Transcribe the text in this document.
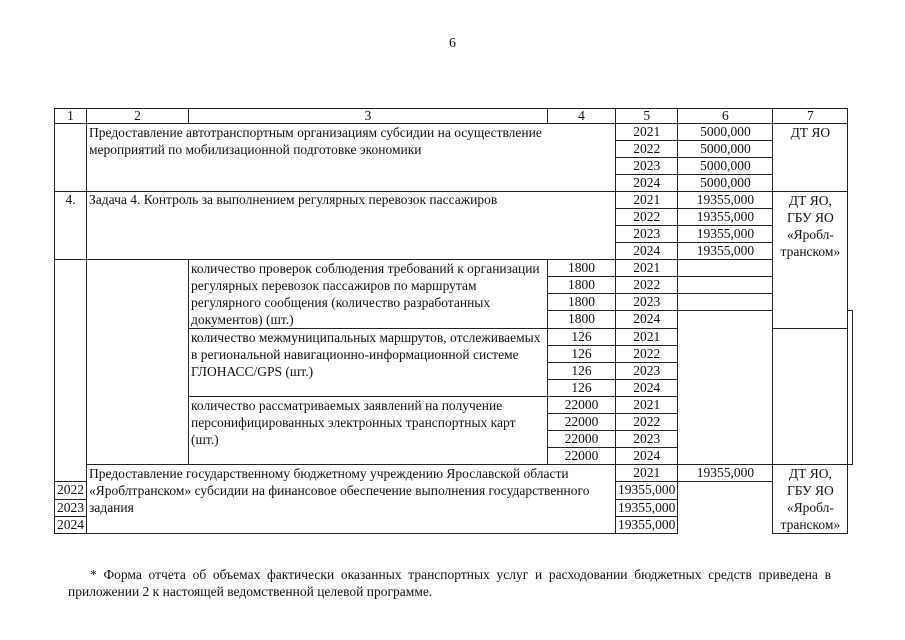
6
1	2	3	4	5	6	7	
	Предоставление автотранспортным организациям субсидии на осуществление мероприятий по мобилизационной подготовке экономики			2021	5000,000	ДТ ЯО	
				2022	5000,000		
				2023	5000,000		
				2024	5000,000		
4.	Задача 4. Контроль за выполнением регулярных перевозок пассажиров			2021	19355,000	ДТ ЯО, ГБУ ЯО «Яробл-транском»	
				2022	19355,000		
				2023	19355,000		
				2024	19355,000		
		количество проверок соблюдения требований к организации регулярных перевозок пассажиров по маршрутам регулярного сообщения (количество разработанных документов) (шт.)	1800	2021			
			1800	2022			
			1800	2023			
			1800	2024			
		количество межмуниципальных маршрутов, отслеживаемых в региональной навигационно-информационной системе ГЛОНАСС/GPS (шт.)	126	2021			
			126	2022			
			126	2023			
			126	2024			
		количество рассматриваемых заявлений на получение персонифицированных электронных транспортных карт (шт.)	22000	2021			
			22000	2022			
			22000	2023			
			22000	2024			
	Предоставление государственному бюджетному учреждению Ярославской области «Яроблтранском» субсидии на финансовое обеспечение выполнения государственного задания			2021	19355,000	ДТ ЯО, ГБУ ЯО «Яробл-транском»	
2022				19355,000			
2023				19355,000			
2024				19355,000			
* Форма отчета об объемах фактически оказанных транспортных услуг и расходовании бюджетных средств приведена в приложении 2 к настоящей ведомственной целевой программе.
